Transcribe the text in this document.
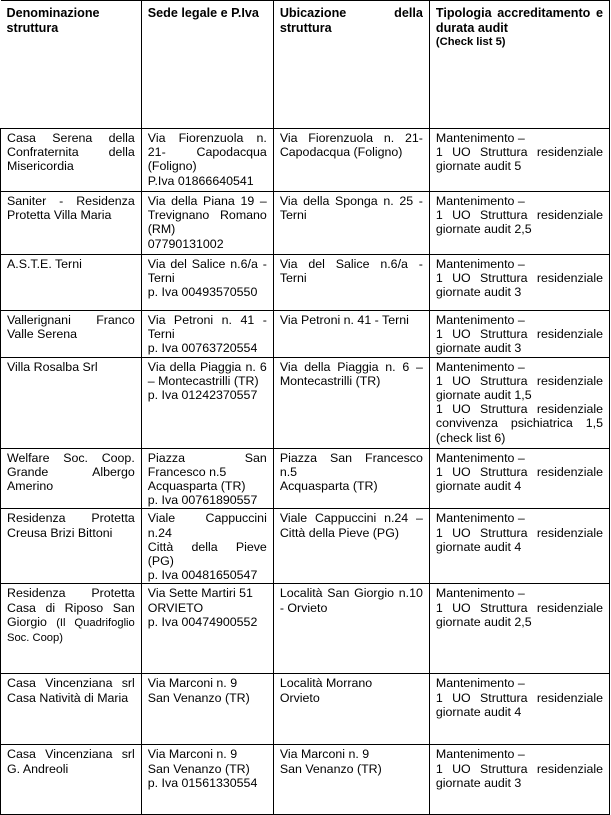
Denominazione struttura	Sede legale e P.Iva	Ubicazione della struttura	Tipologia accreditamento e durata audit
(Check list 5)

Casa Serena della Confraternita della Misericordia	Via Fiorenzuola n. 21- Capodacqua (Foligno)
P.Iva 01866640541	Via Fiorenzuola n. 21- Capodacqua (Foligno)	Mantenimento –
1 UO Struttura residenziale giornate audit 5

Saniter - Residenza Protetta Villa Maria	Via della Piana 19 – Trevignano Romano (RM)
07790131002	Via della Sponga n. 25 - Terni	Mantenimento –
1 UO Struttura residenziale giornate audit 2,5

A.S.T.E. Terni	Via del Salice n.6/a - Terni
p. Iva 00493570550	Via del Salice n.6/a - Terni	Mantenimento –
1 UO Struttura residenziale giornate audit 3

Vallerignani Franco Valle Serena	Via Petroni n. 41 - Terni
p. Iva 00763720554	Via Petroni n. 41 - Terni	Mantenimento –
1 UO Struttura residenziale giornate audit 3

Villa Rosalba Srl	Via della Piaggia n. 6 – Montecastrilli (TR)
p. Iva 01242370557	Via della Piaggia n. 6 – Montecastrilli (TR)	Mantenimento –
1 UO Struttura residenziale giornate audit 1,5
1 UO Struttura residenziale convivenza psichiatrica 1,5 (check list 6)

Welfare Soc. Coop. Grande Albergo Amerino	Piazza San Francesco n.5
Acquasparta (TR)
p. Iva 00761890557	Piazza San Francesco n.5
Acquasparta (TR)	Mantenimento –
1 UO Struttura residenziale giornate audit 4

Residenza Protetta Creusa Brizi Bittoni	Viale Cappuccini n.24
Città della Pieve (PG)
p. Iva 00481650547	Viale Cappuccini n.24 – Città della Pieve (PG)	Mantenimento –
1 UO Struttura residenziale giornate audit 4

Residenza Protetta Casa di Riposo San Giorgio (Il Quadrifoglio Soc. Coop)	Via Sette Martiri 51
ORVIETO
p. Iva 00474900552	Località San Giorgio n.10 - Orvieto	Mantenimento –
1 UO Struttura residenziale giornate audit 2,5

Casa Vincenziana srl Casa Natività di Maria	Via Marconi n. 9
San Venanzo (TR)	Località Morrano
Orvieto	Mantenimento –
1 UO Struttura residenziale giornate audit 4

Casa Vincenziana srl G. Andreoli	Via Marconi n. 9
San Venanzo (TR)
p. Iva 01561330554	Via Marconi n. 9
San Venanzo (TR)	Mantenimento –
1 UO Struttura residenziale giornate audit 3
